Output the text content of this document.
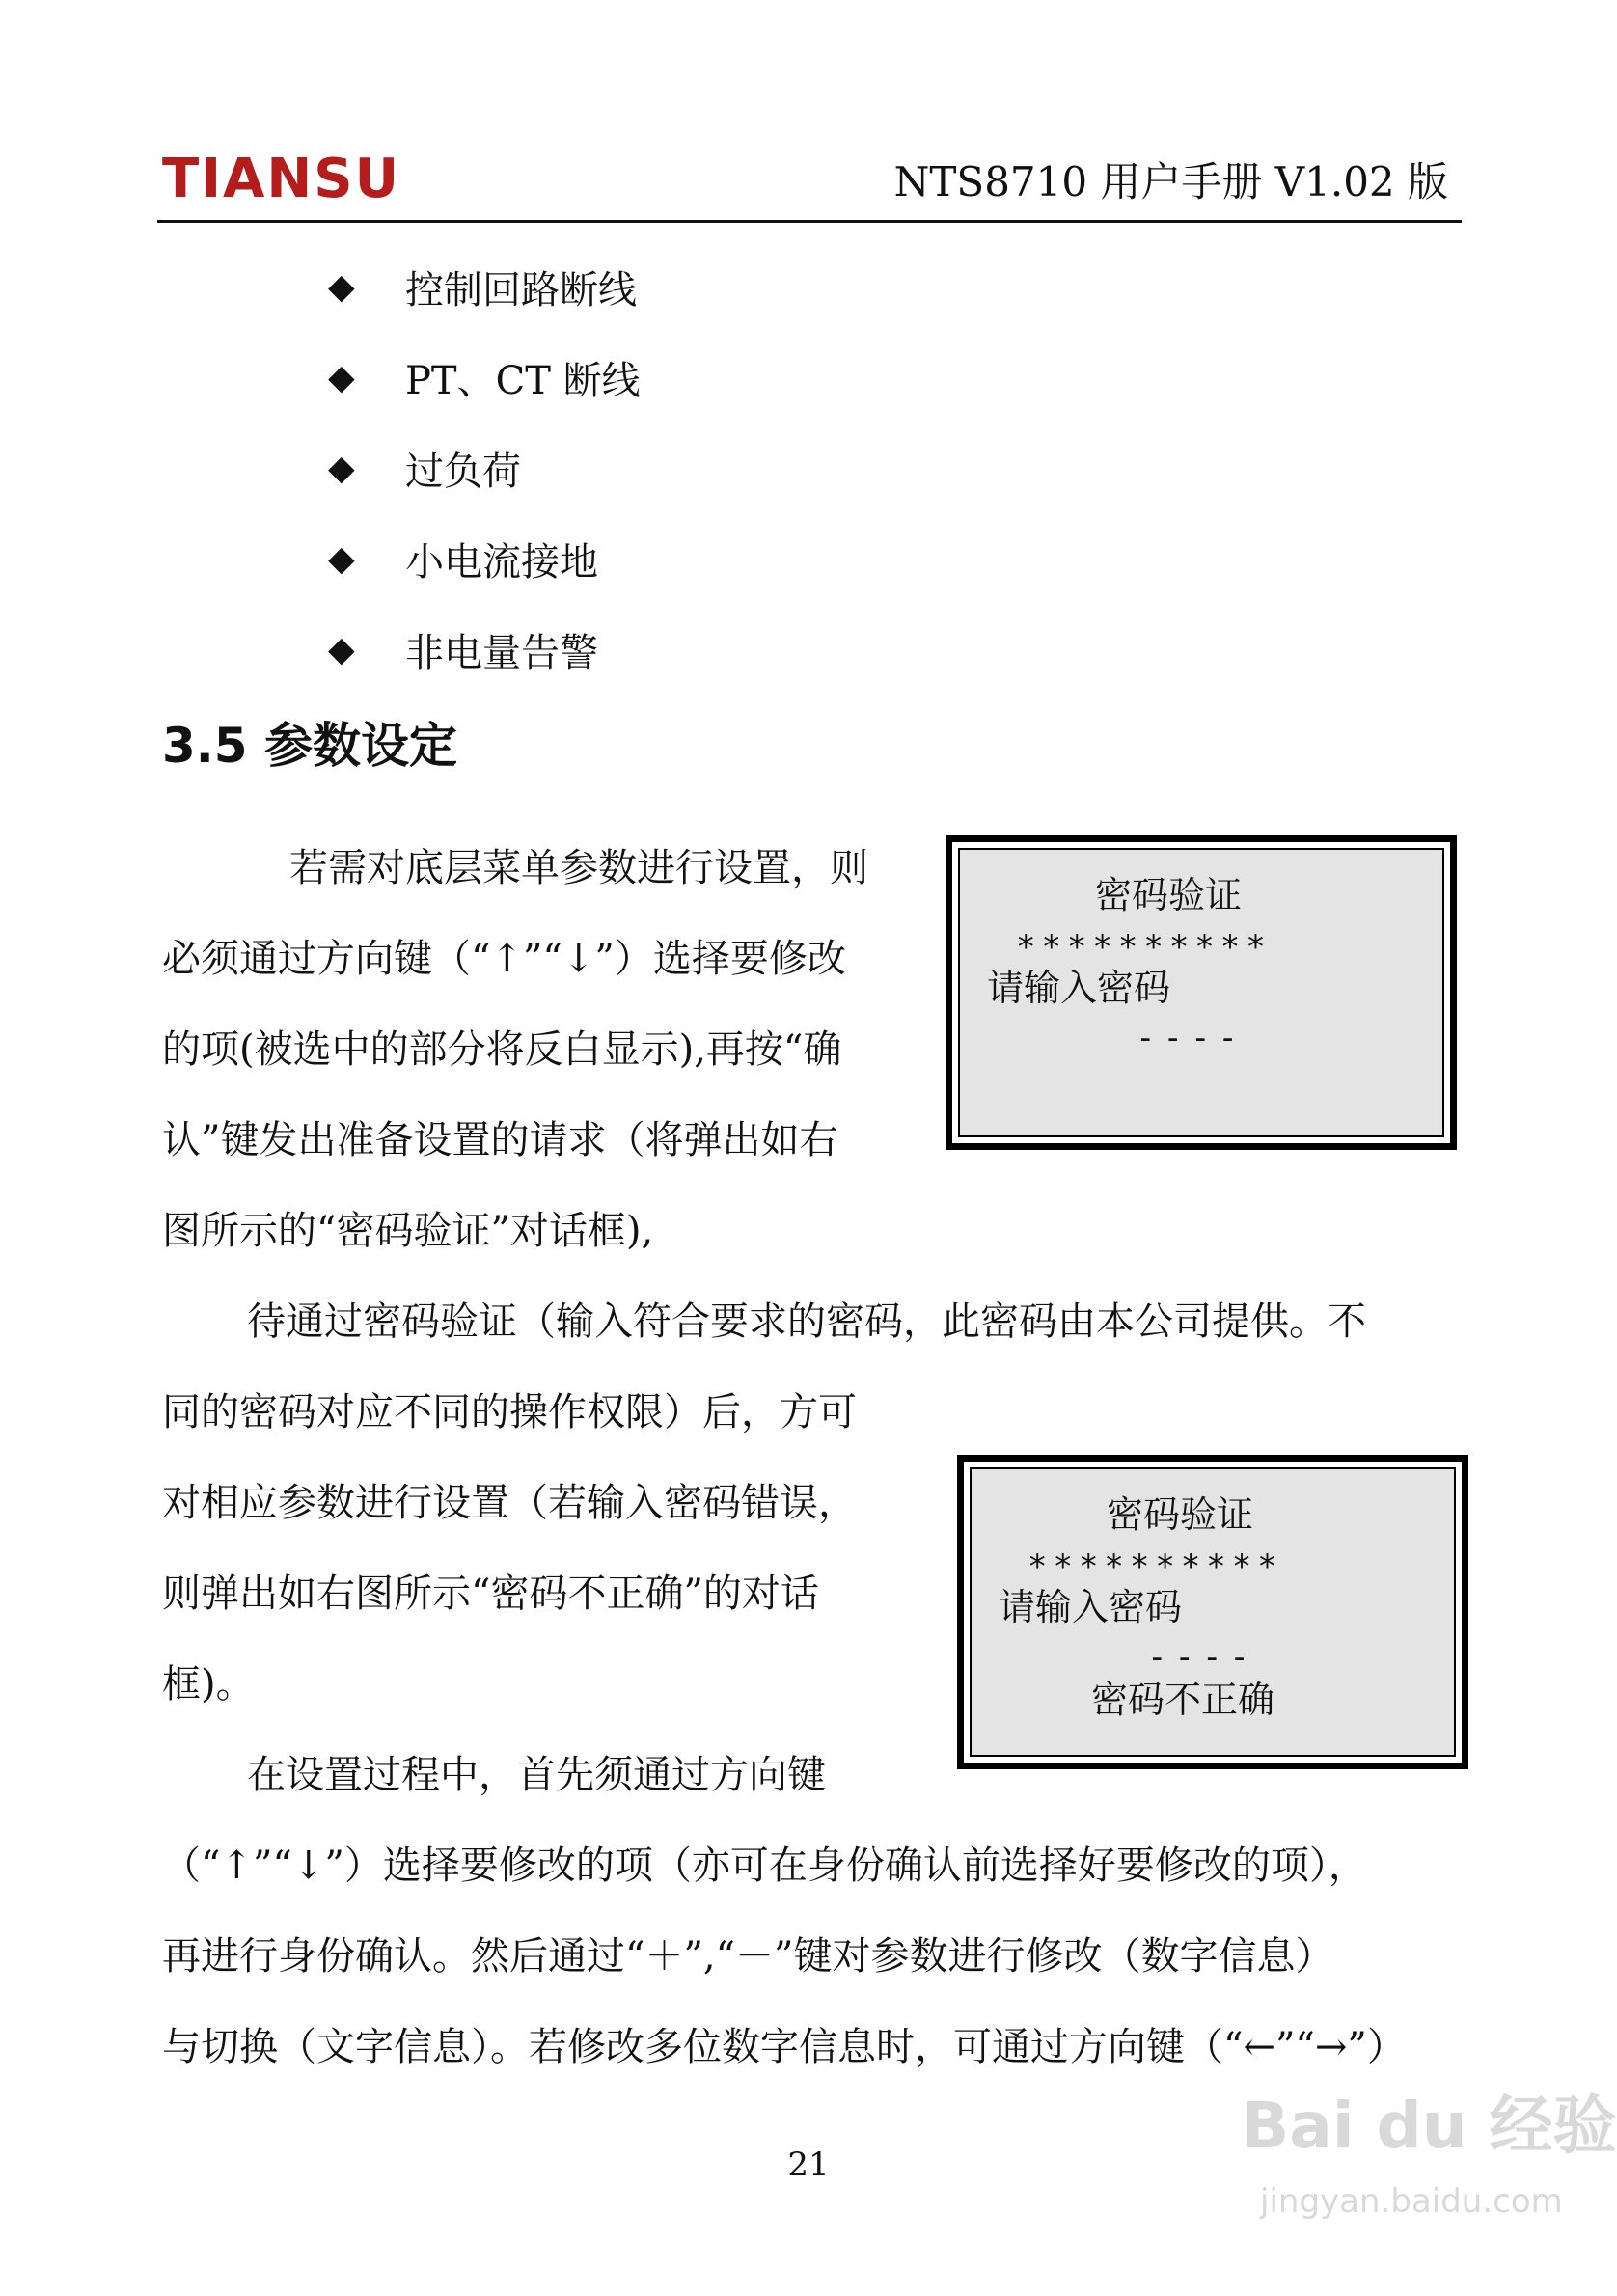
TIANSU	NTS8710 用户手册 V1.02 版
◆	控制回路断线
◆	PT、CT 断线
◆	过负荷
◆	小电流接地
◆	非电量告警
3.5 参数设定
若需对底层菜单参数进行设置，则
必须通过方向键（“↑”“↓”）选择要修改
的项(被选中的部分将反白显示),再按“确
认”键发出准备设置的请求（将弹出如右
图所示的“密码验证”对话框),
密码验证
**********
请输入密码
----
待通过密码验证（输入符合要求的密码，此密码由本公司提供。不
同的密码对应不同的操作权限）后，方可
对相应参数进行设置（若输入密码错误，
则弹出如右图所示“密码不正确”的对话
框)。
密码验证
**********
请输入密码
----
密码不正确
在设置过程中，首先须通过方向键
（“↑”“↓”）选择要修改的项（亦可在身份确认前选择好要修改的项），
再进行身份确认。然后通过“＋”,“－”键对参数进行修改（数字信息）
与切换（文字信息）。若修改多位数字信息时，可通过方向键（“←”“→”）
21
Bai du 经验
jingyan.baidu.com
